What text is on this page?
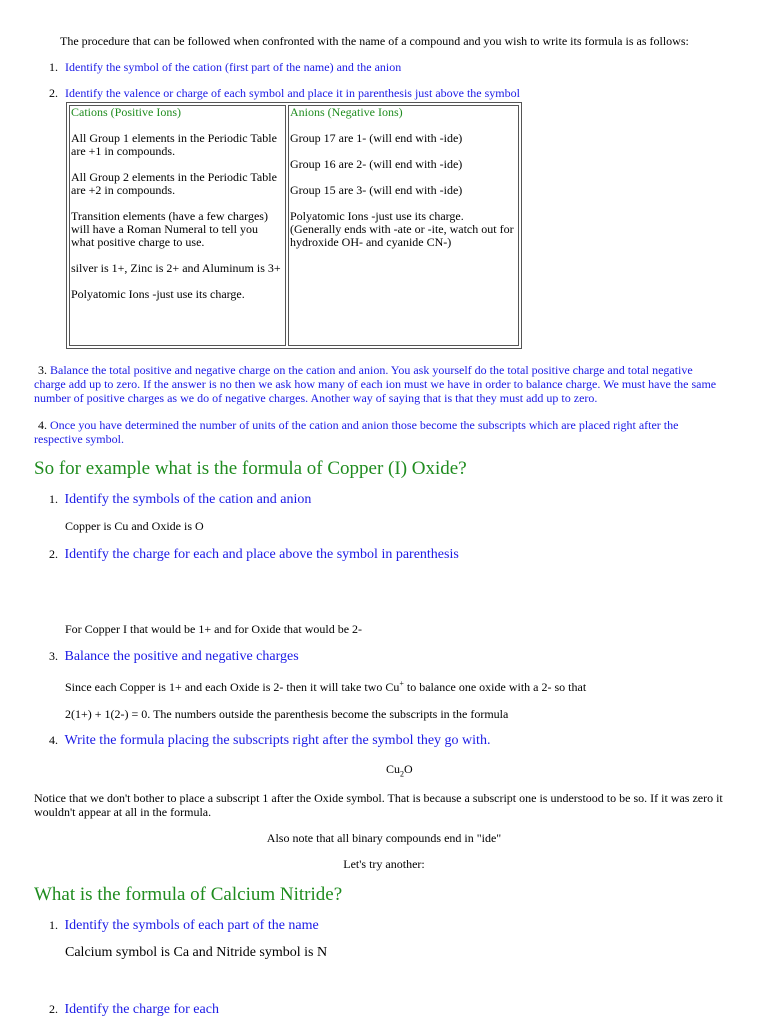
The procedure that can be followed when confronted with the name of a compound and you wish to write its formula is as follows:
1. Identify the symbol of the cation (first part of the name) and the anion
2. Identify the valence or charge of each symbol and place it in parenthesis just above the symbol
Cations (Positive Ions)

All Group 1 elements in the Periodic Table are +1 in compounds.

All Group 2 elements in the Periodic Table are +2 in compounds.

Transition elements (have a few charges) will have a Roman Numeral to tell you what positive charge to use.

silver is 1+, Zinc is 2+ and Aluminum is 3+

Polyatomic Ions -just use its charge.

Anions (Negative Ions)

Group 17 are 1- (will end with -ide)

Group 16 are 2- (will end with -ide)

Group 15 are 3- (will end with -ide)

Polyatomic Ions -just use its charge. (Generally ends with -ate or -ite, watch out for hydroxide OH- and cyanide CN-)

3. Balance the total positive and negative charge on the cation and anion. You ask yourself do the total positive charge and total negative charge add up to zero. If the answer is no then we ask how many of each ion must we have in order to balance charge. We must have the same number of positive charges as we do of negative charges. Another way of saying that is that they must add up to zero.
4. Once you have determined the number of units of the cation and anion those become the subscripts which are placed right after the respective symbol.
So for example what is the formula of Copper (I) Oxide?
1. Identify the symbols of the cation and anion
Copper is Cu and Oxide is O
2. Identify the charge for each and place above the symbol in parenthesis
For Copper I that would be 1+ and for Oxide that would be 2-
3. Balance the positive and negative charges
Since each Copper is 1+ and each Oxide is 2- then it will take two Cu+ to balance one oxide with a 2- so that
2(1+) + 1(2-) = 0. The numbers outside the parenthesis become the subscripts in the formula
4. Write the formula placing the subscripts right after the symbol they go with.
$Cu_2O$
Notice that we don't bother to place a subscript 1 after the Oxide symbol. That is because a subscript one is understood to be so. If it was zero it wouldn't appear at all in the formula.
Also note that all binary compounds end in "ide"
Let's try another:
What is the formula of Calcium Nitride?
1. Identify the symbols of each part of the name
Calcium symbol is Ca and Nitride symbol is N
2. Identify the charge for each
